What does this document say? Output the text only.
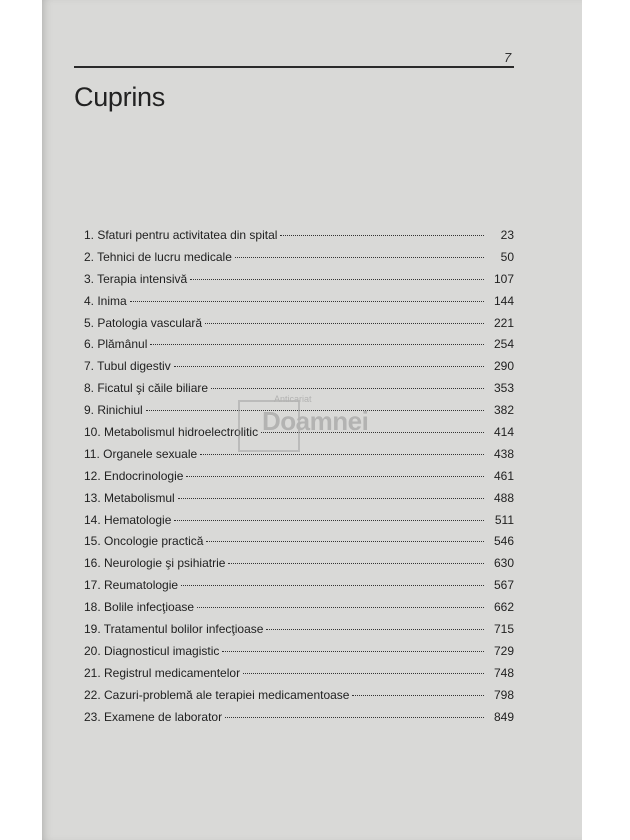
7
Cuprins
1. Sfaturi pentru activitatea din spital	23
2. Tehnici de lucru medicale	50
3. Terapia intensivă	107
4. Inima	144
5. Patologia vasculară	221
6. Plămânul	254
7. Tubul digestiv	290
8. Ficatul şi căile biliare	353
9. Rinichiul	382
10. Metabolismul hidroelectrolitic	414
11. Organele sexuale	438
12. Endocrinologie	461
13. Metabolismul	488
14. Hematologie	511
15. Oncologie practică	546
16. Neurologie şi psihiatrie	630
17. Reumatologie	567
18. Bolile infecţioase	662
19. Tratamentul bolilor infecţioase	715
20. Diagnosticul imagistic	729
21. Registrul medicamentelor	748
22. Cazuri-problemă ale terapiei medicamentoase	798
23. Examene de laborator	849
Anticariat
Doamnei
